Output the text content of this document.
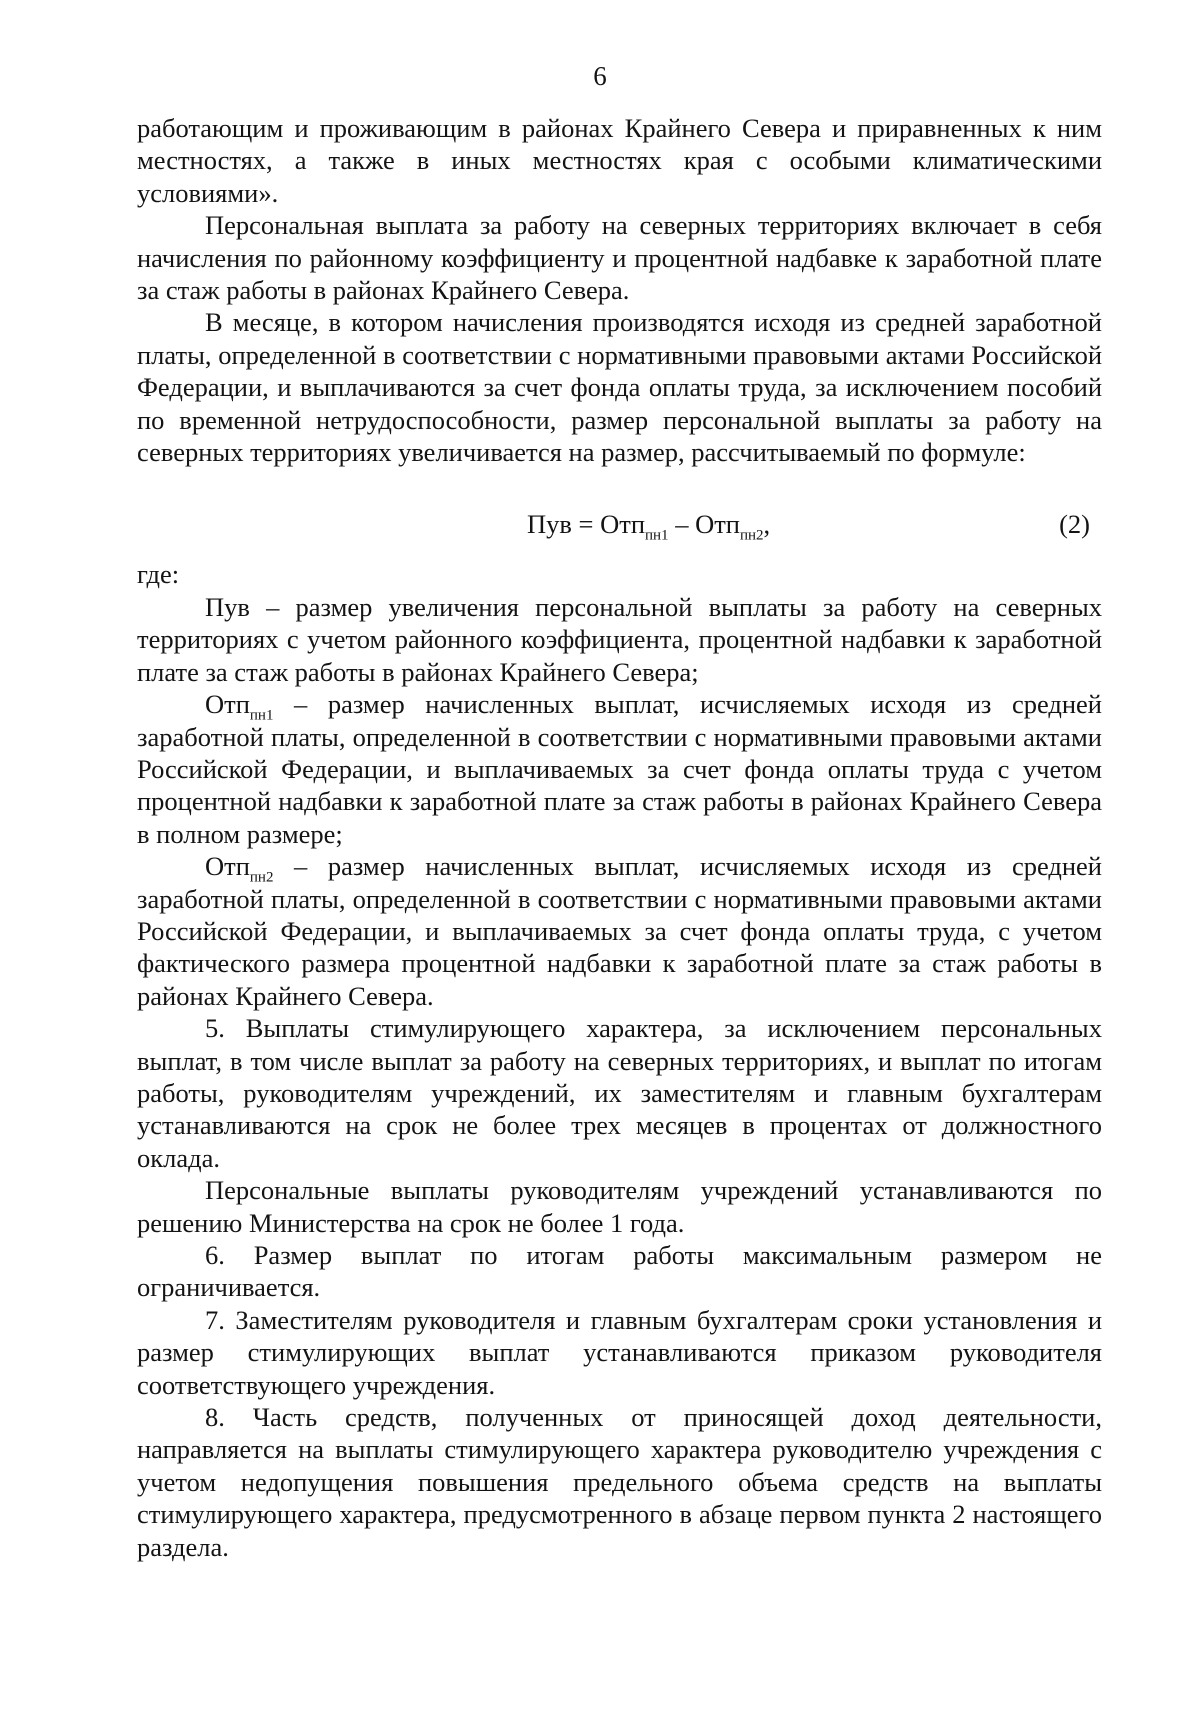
6

работающим и проживающим в районах Крайнего Севера и приравненных к ним местностях, а также в иных местностях края с особыми климатическими условиями».

Персональная выплата за работу на северных территориях включает в себя начисления по районному коэффициенту и процентной надбавке к заработной плате за стаж работы в районах Крайнего Севера.

В месяце, в котором начисления производятся исходя из средней заработной платы, определенной в соответствии с нормативными правовыми актами Российской Федерации, и выплачиваются за счет фонда оплаты труда, за исключением пособий по временной нетрудоспособности, размер персональной выплаты за работу на северных территориях увеличивается на размер, рассчитываемый по формуле:

Пув = Отп$_{пн1}$ – Отп$_{пн2}$,	(2)

где:

Пув – размер увеличения персональной выплаты за работу на северных территориях с учетом районного коэффициента, процентной надбавки к заработной плате за стаж работы в районах Крайнего Севера;

Отп$_{пн1}$ – размер начисленных выплат, исчисляемых исходя из средней заработной платы, определенной в соответствии с нормативными правовыми актами Российской Федерации, и выплачиваемых за счет фонда оплаты труда с учетом процентной надбавки к заработной плате за стаж работы в районах Крайнего Севера в полном размере;

Отп$_{пн2}$ – размер начисленных выплат, исчисляемых исходя из средней заработной платы, определенной в соответствии с нормативными правовыми актами Российской Федерации, и выплачиваемых за счет фонда оплаты труда, с учетом фактического размера процентной надбавки к заработной плате за стаж работы в районах Крайнего Севера.

5. Выплаты стимулирующего характера, за исключением персональных выплат, в том числе выплат за работу на северных территориях, и выплат по итогам работы, руководителям учреждений, их заместителям и главным бухгалтерам устанавливаются на срок не более трех месяцев в процентах от должностного оклада.

Персональные выплаты руководителям учреждений устанавливаются по решению Министерства на срок не более 1 года.

6. Размер выплат по итогам работы максимальным размером не ограничивается.

7. Заместителям руководителя и главным бухгалтерам сроки установления и размер стимулирующих выплат устанавливаются приказом руководителя соответствующего учреждения.

8. Часть средств, полученных от приносящей доход деятельности, направляется на выплаты стимулирующего характера руководителю учреждения с учетом недопущения повышения предельного объема средств на выплаты стимулирующего характера, предусмотренного в абзаце первом пункта 2 настоящего раздела.
